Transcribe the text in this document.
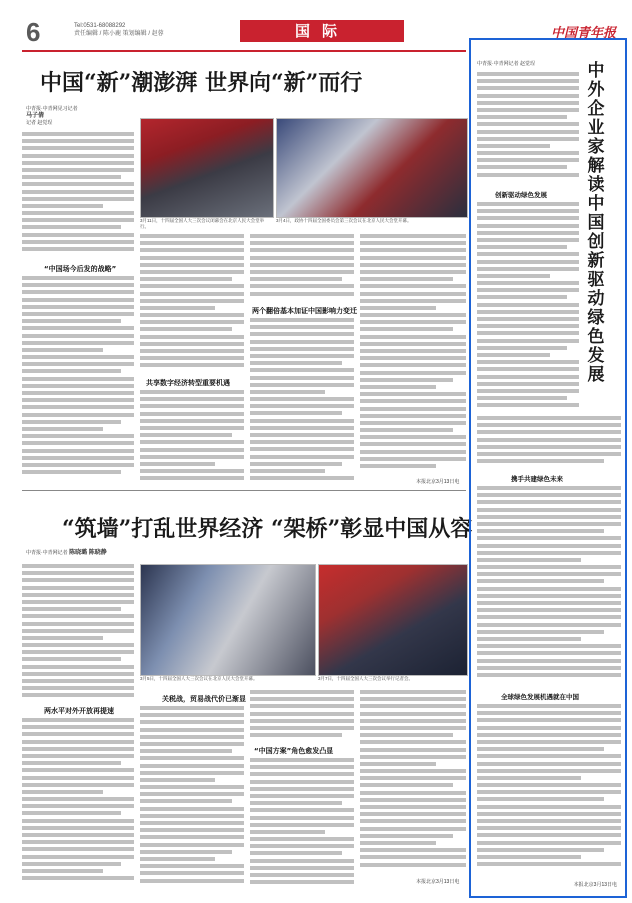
6	Tel:0531-68088292
责任编辑 / 陈小鹿 策划编辑 / 赵蓉	国际	中国青年报
中国“新”潮澎湃 世界向“新”而行
中青报·中青网见习记者
马子倩
记者 赵觉珵
3月11日，十四届全国人大三次会议闭幕会在北京人民大会堂举行。
3月4日，政协十四届全国委员会第三次会议在北京人民大会堂开幕。
“中国场今后发的战略”
共享数字经济转型重要机遇
两个翻倍基本加证中国影响力变迁
本报北京3月13日电
“筑墙”打乱世界经济 “架桥”彰显中国从容
中青报·中青网记者 陈晓璐 陈晓静
3月5日，十四届全国人大三次会议在北京人民大会堂开幕。	3月7日，十四届全国人大三次会议举行记者会。
两水平对外开放再提速
关税战，贸易战代价已渐显
“中国方案”角色愈发凸显
本报北京3月13日电
中青报·中青网记者 赵觉珵	中外企业家解读中国创新驱动绿色发展
创新驱动绿色发展
携手共建绿色未来
全球绿色发展机遇就在中国
本报北京3月13日电
